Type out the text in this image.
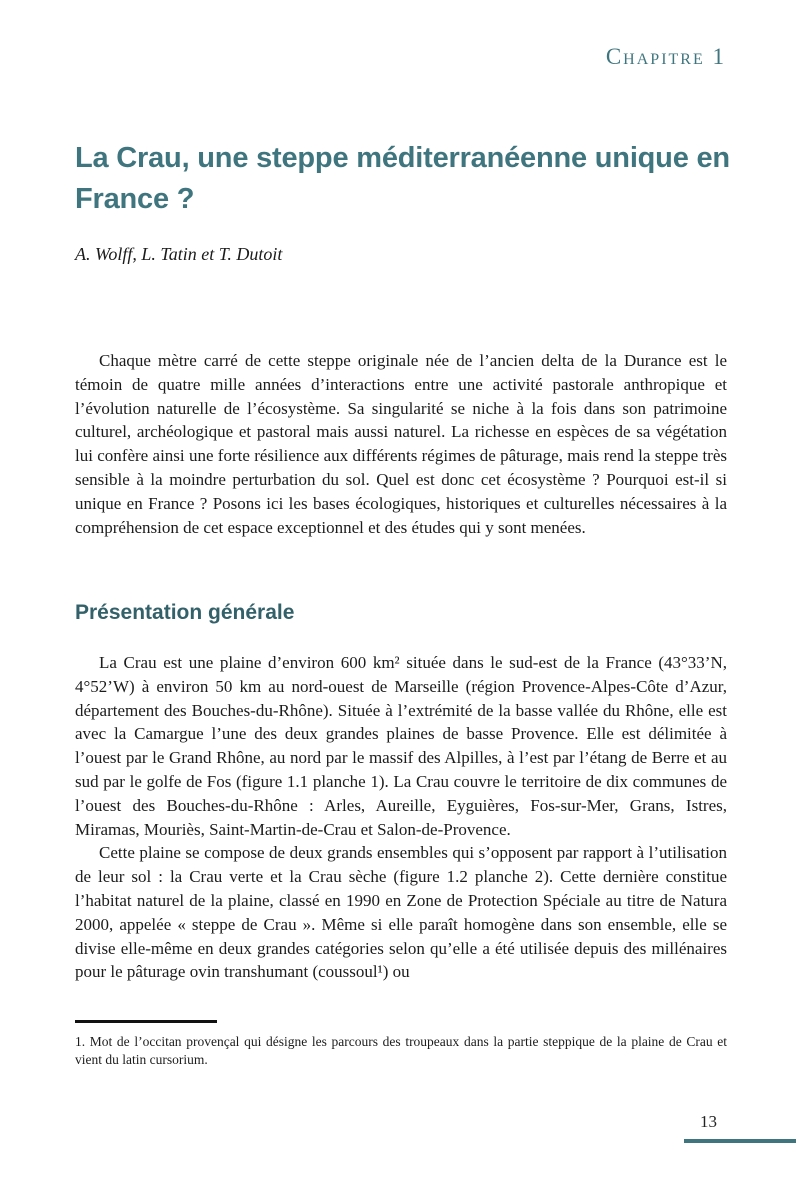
Chapitre 1
La Crau, une steppe méditerranéenne unique en France ?
A. Wolff, L. Tatin et T. Dutoit

Chaque mètre carré de cette steppe originale née de l’ancien delta de la Durance est le témoin de quatre mille années d’interactions entre une activité pastorale anthropique et l’évolution naturelle de l’écosystème. Sa singularité se niche à la fois dans son patrimoine culturel, archéologique et pastoral mais aussi naturel. La richesse en espèces de sa végétation lui confère ainsi une forte résilience aux différents régimes de pâturage, mais rend la steppe très sensible à la moindre perturbation du sol. Quel est donc cet écosystème ? Pourquoi est-il si unique en France ? Posons ici les bases écologiques, historiques et culturelles nécessaires à la compréhension de cet espace exceptionnel et des études qui y sont menées.

Présentation générale

La Crau est une plaine d’environ 600 km² située dans le sud-est de la France (43°33’N, 4°52’W) à environ 50 km au nord-ouest de Marseille (région Provence-Alpes-Côte d’Azur, département des Bouches-du-Rhône). Située à l’extrémité de la basse vallée du Rhône, elle est avec la Camargue l’une des deux grandes plaines de basse Provence. Elle est délimitée à l’ouest par le Grand Rhône, au nord par le massif des Alpilles, à l’est par l’étang de Berre et au sud par le golfe de Fos (figure 1.1 planche 1). La Crau couvre le territoire de dix communes de l’ouest des Bouches-du-Rhône : Arles, Aureille, Eyguières, Fos-sur-Mer, Grans, Istres, Miramas, Mouriès, Saint-Martin-de-Crau et Salon-de-Provence.

Cette plaine se compose de deux grands ensembles qui s’opposent par rapport à l’utilisation de leur sol : la Crau verte et la Crau sèche (figure 1.2 planche 2). Cette dernière constitue l’habitat naturel de la plaine, classé en 1990 en Zone de Protection Spéciale au titre de Natura 2000, appelée « steppe de Crau ». Même si elle paraît homogène dans son ensemble, elle se divise elle-même en deux grandes catégories selon qu’elle a été utilisée depuis des millénaires pour le pâturage ovin transhumant (coussoul¹) ou

1. Mot de l’occitan provençal qui désigne les parcours des troupeaux dans la partie steppique de la plaine de Crau et vient du latin cursorium.

13
